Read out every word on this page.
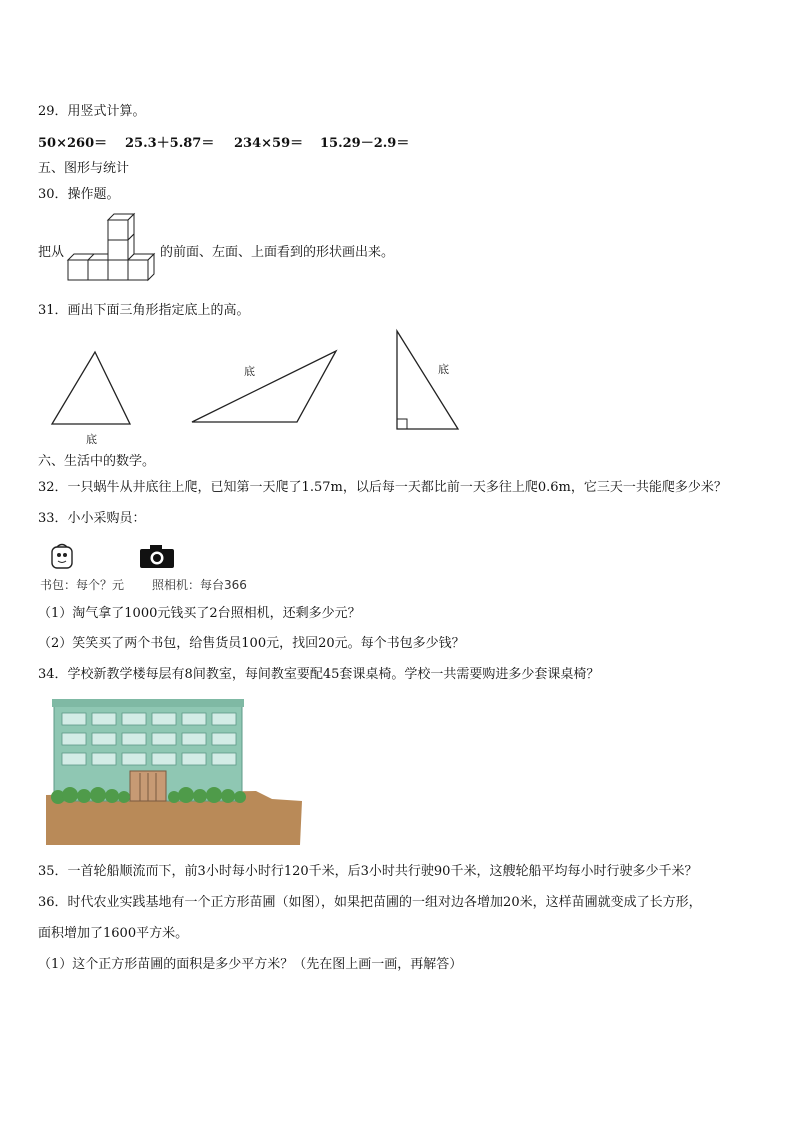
29．用竖式计算。
50×260＝ 25.3＋5.87＝ 234×59＝ 15.29－2.9＝
五、图形与统计
30．操作题。
把从	的前面、左面、上面看到的形状画出来。
31．画出下面三角形指定底上的高。
底
底	底
六、生活中的数学。
32．一只蜗牛从井底往上爬，已知第一天爬了1.57m，以后每一天都比前一天多往上爬0.6m，它三天一共能爬多少米？
33．小小采购员：
书包：每个？元 照相机：每台366
（1）淘气拿了1000元钱买了2台照相机，还剩多少元？
（2）笑笑买了两个书包，给售货员100元，找回20元。每个书包多少钱？
34．学校新教学楼每层有8间教室，每间教室要配45套课桌椅。学校一共需要购进多少套课桌椅？
35．一首轮船顺流而下，前3小时每小时行120千米，后3小时共行驶90千米，这艘轮船平均每小时行驶多少千米？
36．时代农业实践基地有一个正方形苗圃（如图），如果把苗圃的一组对边各增加20米，这样苗圃就变成了长方形，
面积增加了1600平方米。
（1）这个正方形苗圃的面积是多少平方米？（先在图上画一画，再解答）
